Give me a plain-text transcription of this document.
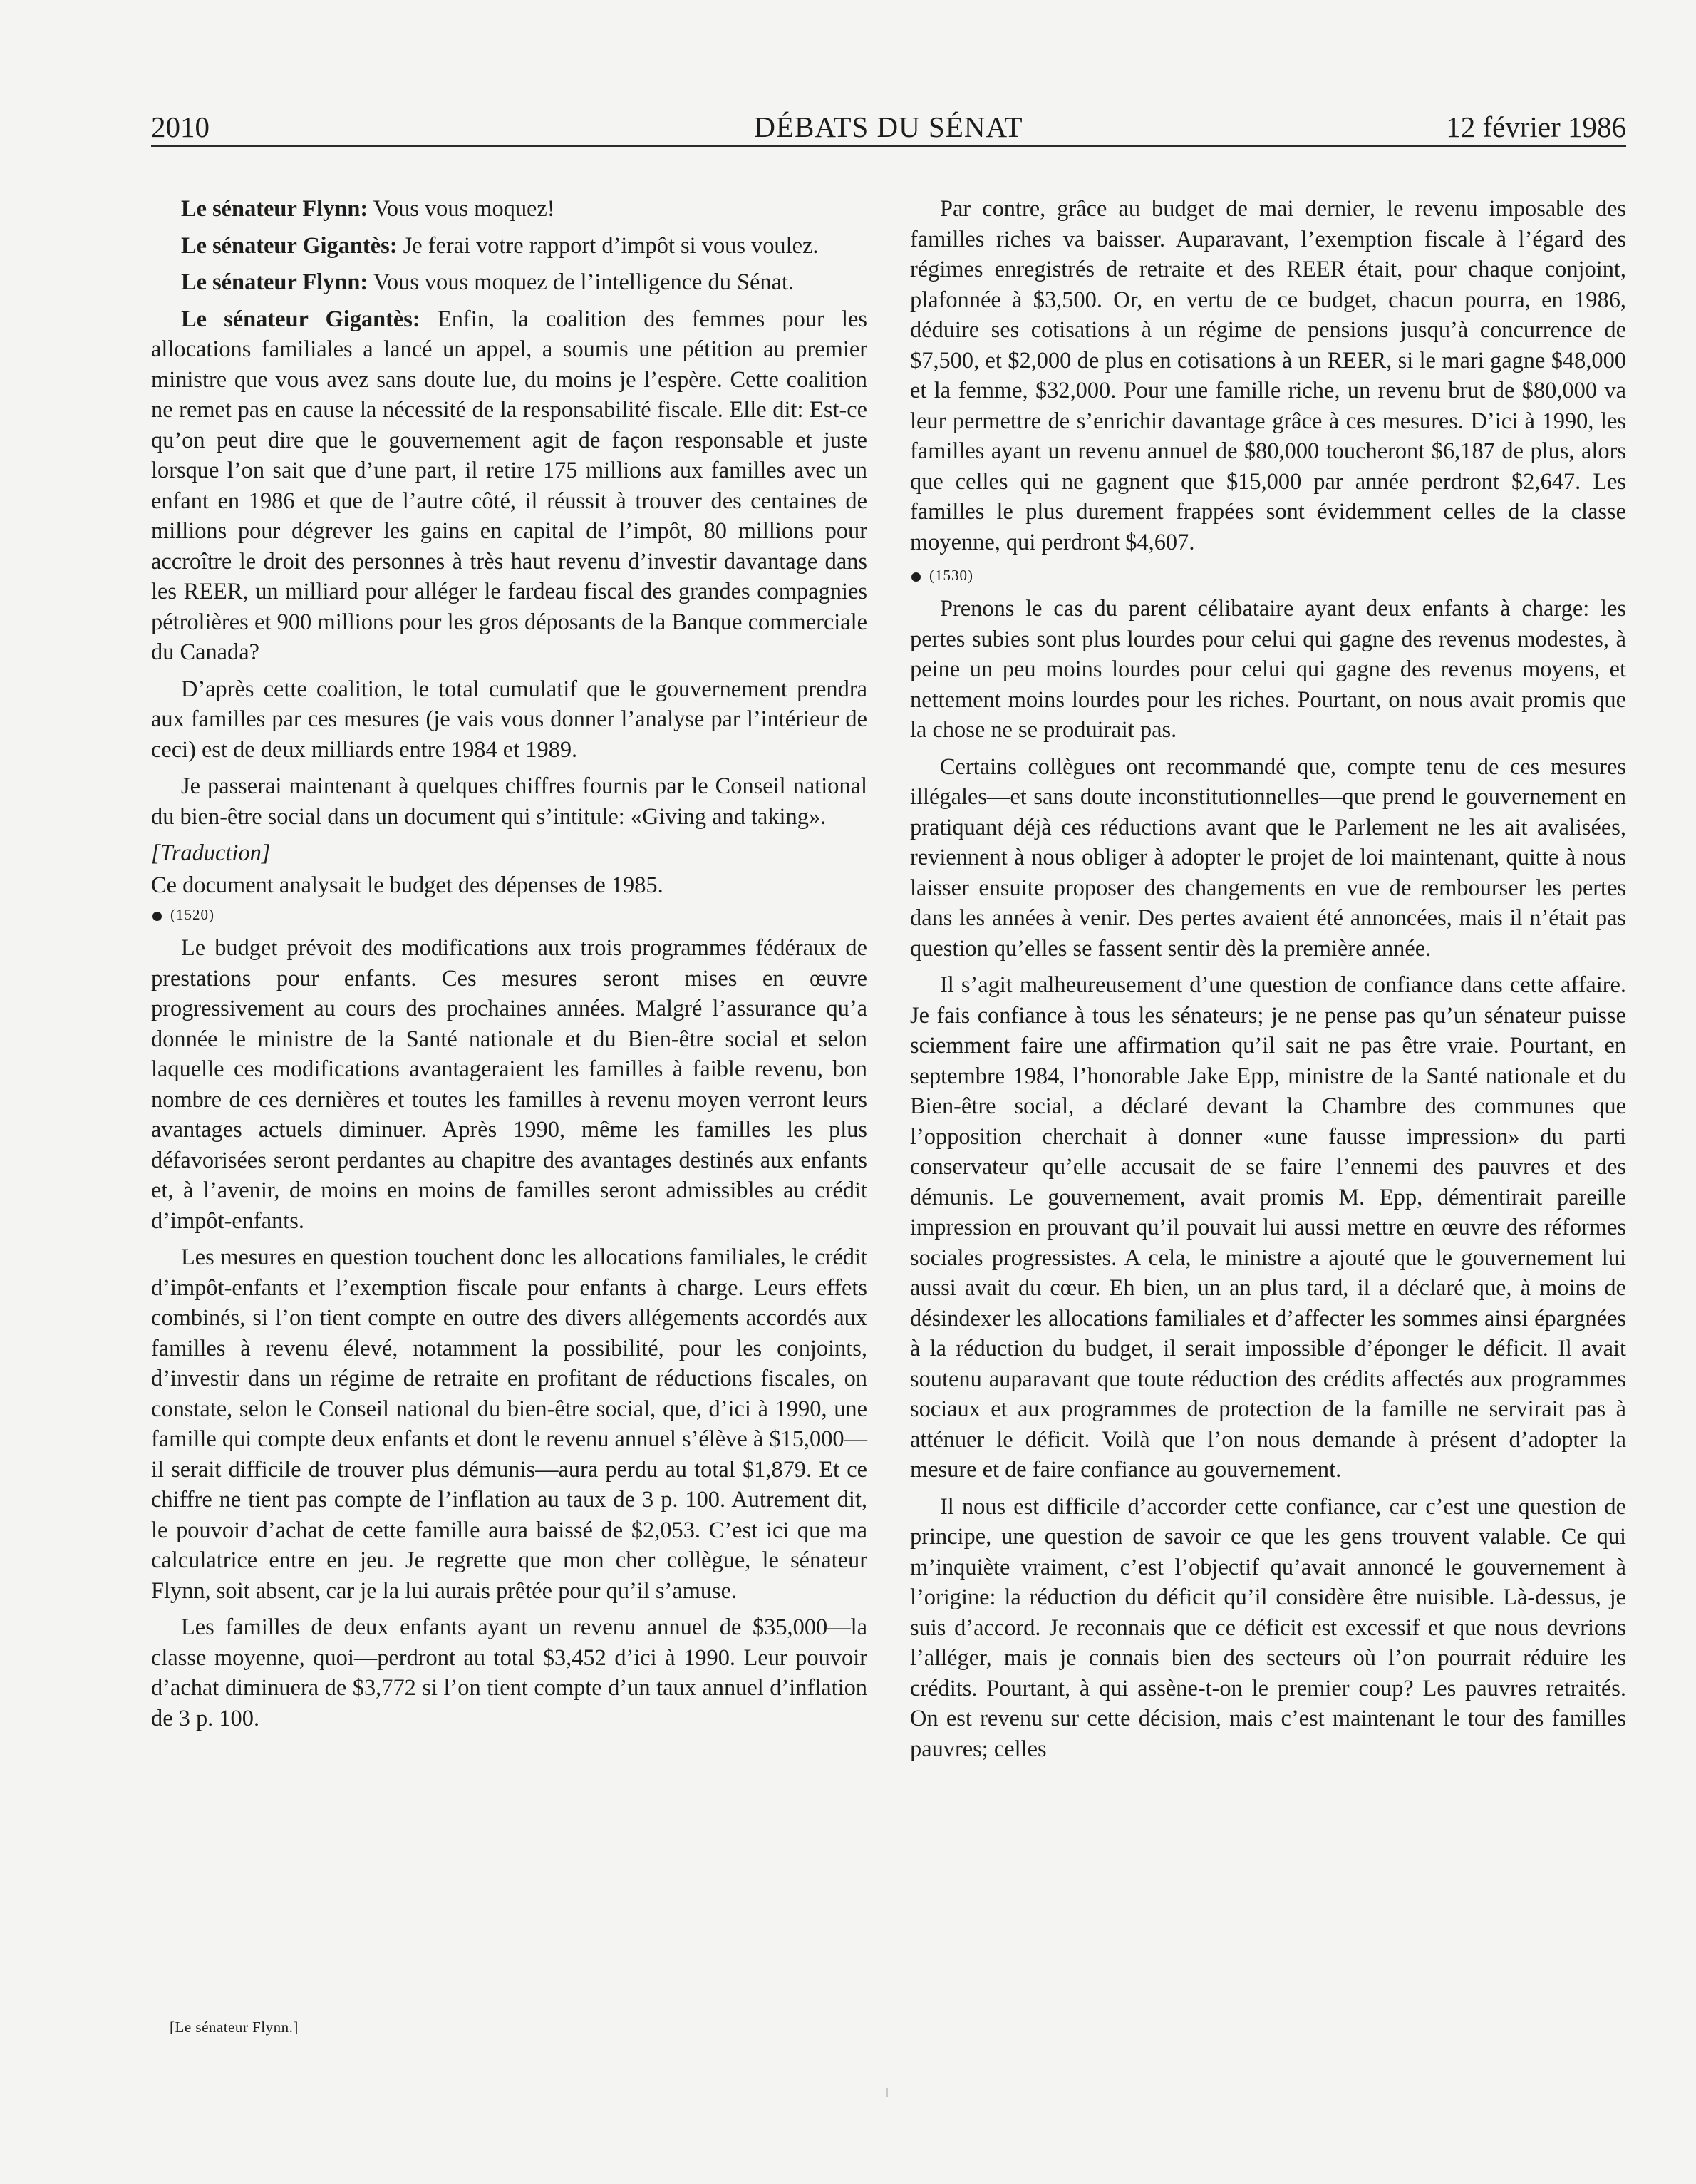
2010	DÉBATS DU SÉNAT	12 février 1986

Le sénateur Flynn: Vous vous moquez!

Le sénateur Gigantès: Je ferai votre rapport d’impôt si vous voulez.

Le sénateur Flynn: Vous vous moquez de l’intelligence du Sénat.

Le sénateur Gigantès: Enfin, la coalition des femmes pour les allocations familiales a lancé un appel, a soumis une pétition au premier ministre que vous avez sans doute lue, du moins je l’espère. Cette coalition ne remet pas en cause la nécessité de la responsabilité fiscale. Elle dit: Est-ce qu’on peut dire que le gouvernement agit de façon responsable et juste lorsque l’on sait que d’une part, il retire 175 millions aux familles avec un enfant en 1986 et que de l’autre côté, il réussit à trouver des centaines de millions pour dégrever les gains en capital de l’impôt, 80 millions pour accroître le droit des personnes à très haut revenu d’investir davantage dans les REER, un milliard pour alléger le fardeau fiscal des grandes compagnies pétrolières et 900 millions pour les gros déposants de la Banque commerciale du Canada?

D’après cette coalition, le total cumulatif que le gouvernement prendra aux familles par ces mesures (je vais vous donner l’analyse par l’intérieur de ceci) est de deux milliards entre 1984 et 1989.

Je passerai maintenant à quelques chiffres fournis par le Conseil national du bien-être social dans un document qui s’intitule: «Giving and taking».

[Traduction]

Ce document analysait le budget des dépenses de 1985.

(1520)

Le budget prévoit des modifications aux trois programmes fédéraux de prestations pour enfants. Ces mesures seront mises en œuvre progressivement au cours des prochaines années. Malgré l’assurance qu’a donnée le ministre de la Santé nationale et du Bien-être social et selon laquelle ces modifications avantageraient les familles à faible revenu, bon nombre de ces dernières et toutes les familles à revenu moyen verront leurs avantages actuels diminuer. Après 1990, même les familles les plus défavorisées seront perdantes au chapitre des avantages destinés aux enfants et, à l’avenir, de moins en moins de familles seront admissibles au crédit d’impôt-enfants.

Les mesures en question touchent donc les allocations familiales, le crédit d’impôt-enfants et l’exemption fiscale pour enfants à charge. Leurs effets combinés, si l’on tient compte en outre des divers allégements accordés aux familles à revenu élevé, notamment la possibilité, pour les conjoints, d’investir dans un régime de retraite en profitant de réductions fiscales, on constate, selon le Conseil national du bien-être social, que, d’ici à 1990, une famille qui compte deux enfants et dont le revenu annuel s’élève à $15,000—il serait difficile de trouver plus démunis—aura perdu au total $1,879. Et ce chiffre ne tient pas compte de l’inflation au taux de 3 p. 100. Autrement dit, le pouvoir d’achat de cette famille aura baissé de $2,053. C’est ici que ma calculatrice entre en jeu. Je regrette que mon cher collègue, le sénateur Flynn, soit absent, car je la lui aurais prêtée pour qu’il s’amuse.

Les familles de deux enfants ayant un revenu annuel de $35,000—la classe moyenne, quoi—perdront au total $3,452 d’ici à 1990. Leur pouvoir d’achat diminuera de $3,772 si l’on tient compte d’un taux annuel d’inflation de 3 p. 100.

Par contre, grâce au budget de mai dernier, le revenu imposable des familles riches va baisser. Auparavant, l’exemption fiscale à l’égard des régimes enregistrés de retraite et des REER était, pour chaque conjoint, plafonnée à $3,500. Or, en vertu de ce budget, chacun pourra, en 1986, déduire ses cotisations à un régime de pensions jusqu’à concurrence de $7,500, et $2,000 de plus en cotisations à un REER, si le mari gagne $48,000 et la femme, $32,000. Pour une famille riche, un revenu brut de $80,000 va leur permettre de s’enrichir davantage grâce à ces mesures. D’ici à 1990, les familles ayant un revenu annuel de $80,000 toucheront $6,187 de plus, alors que celles qui ne gagnent que $15,000 par année perdront $2,647. Les familles le plus durement frappées sont évidemment celles de la classe moyenne, qui perdront $4,607.

(1530)

Prenons le cas du parent célibataire ayant deux enfants à charge: les pertes subies sont plus lourdes pour celui qui gagne des revenus modestes, à peine un peu moins lourdes pour celui qui gagne des revenus moyens, et nettement moins lourdes pour les riches. Pourtant, on nous avait promis que la chose ne se produirait pas.

Certains collègues ont recommandé que, compte tenu de ces mesures illégales—et sans doute inconstitutionnelles—que prend le gouvernement en pratiquant déjà ces réductions avant que le Parlement ne les ait avalisées, reviennent à nous obliger à adopter le projet de loi maintenant, quitte à nous laisser ensuite proposer des changements en vue de rembourser les pertes dans les années à venir. Des pertes avaient été annoncées, mais il n’était pas question qu’elles se fassent sentir dès la première année.

Il s’agit malheureusement d’une question de confiance dans cette affaire. Je fais confiance à tous les sénateurs; je ne pense pas qu’un sénateur puisse sciemment faire une affirmation qu’il sait ne pas être vraie. Pourtant, en septembre 1984, l’honorable Jake Epp, ministre de la Santé nationale et du Bien-être social, a déclaré devant la Chambre des communes que l’opposition cherchait à donner «une fausse impression» du parti conservateur qu’elle accusait de se faire l’ennemi des pauvres et des démunis. Le gouvernement, avait promis M. Epp, démentirait pareille impression en prouvant qu’il pouvait lui aussi mettre en œuvre des réformes sociales progressistes. A cela, le ministre a ajouté que le gouvernement lui aussi avait du cœur. Eh bien, un an plus tard, il a déclaré que, à moins de désindexer les allocations familiales et d’affecter les sommes ainsi épargnées à la réduction du budget, il serait impossible d’éponger le déficit. Il avait soutenu auparavant que toute réduction des crédits affectés aux programmes sociaux et aux programmes de protection de la famille ne servirait pas à atténuer le déficit. Voilà que l’on nous demande à présent d’adopter la mesure et de faire confiance au gouvernement.

Il nous est difficile d’accorder cette confiance, car c’est une question de principe, une question de savoir ce que les gens trouvent valable. Ce qui m’inquiète vraiment, c’est l’objectif qu’avait annoncé le gouvernement à l’origine: la réduction du déficit qu’il considère être nuisible. Là-dessus, je suis d’accord. Je reconnais que ce déficit est excessif et que nous devrions l’alléger, mais je connais bien des secteurs où l’on pourrait réduire les crédits. Pourtant, à qui assène-t-on le premier coup? Les pauvres retraités. On est revenu sur cette décision, mais c’est maintenant le tour des familles pauvres; celles

[Le sénateur Flynn.]
